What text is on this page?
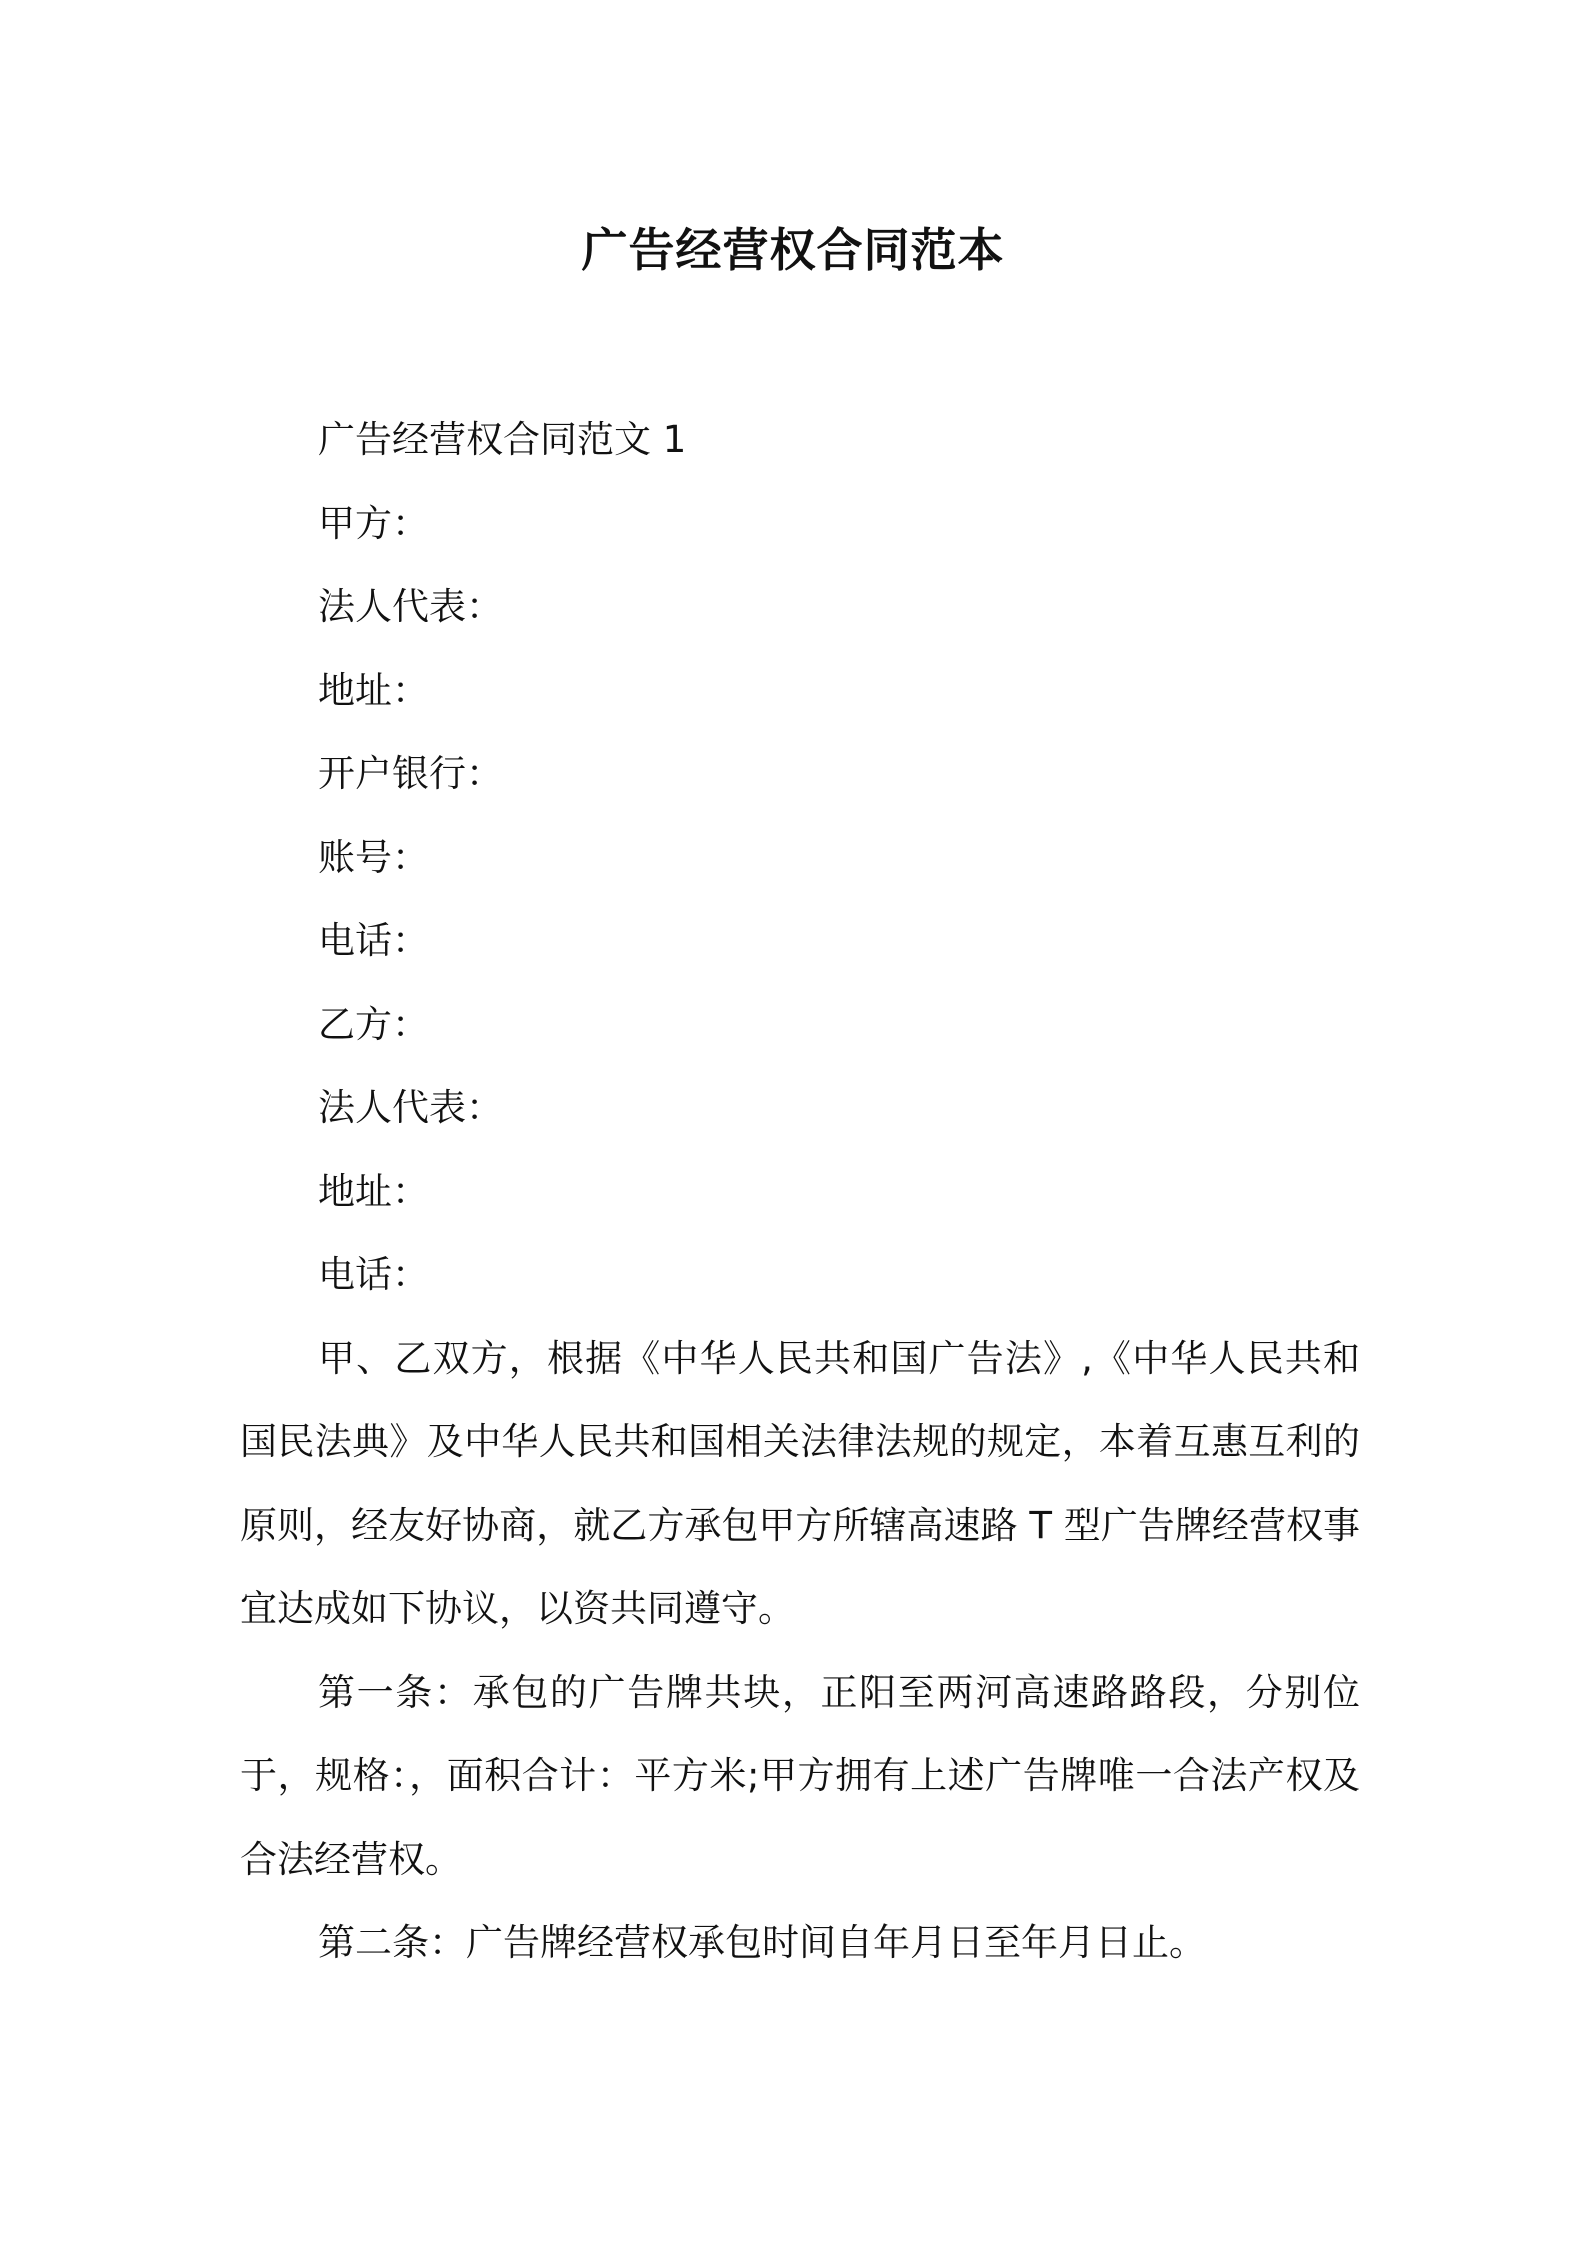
广告经营权合同范本

广告经营权合同范文 1

甲方：

法人代表：

地址：

开户银行：

账号：

电话：

乙方：

法人代表：

地址：

电话：

甲、乙双方，根据《中华人民共和国广告法》,《中华人民共和国民法典》及中华人民共和国相关法律法规的规定，本着互惠互利的原则，经友好协商，就乙方承包甲方所辖高速路 T 型广告牌经营权事宜达成如下协议，以资共同遵守。

第一条：承包的广告牌共块，正阳至两河高速路路段，分别位于，规格：，面积合计：平方米;甲方拥有上述广告牌唯一合法产权及合法经营权。

第二条：广告牌经营权承包时间自年月日至年月日止。
